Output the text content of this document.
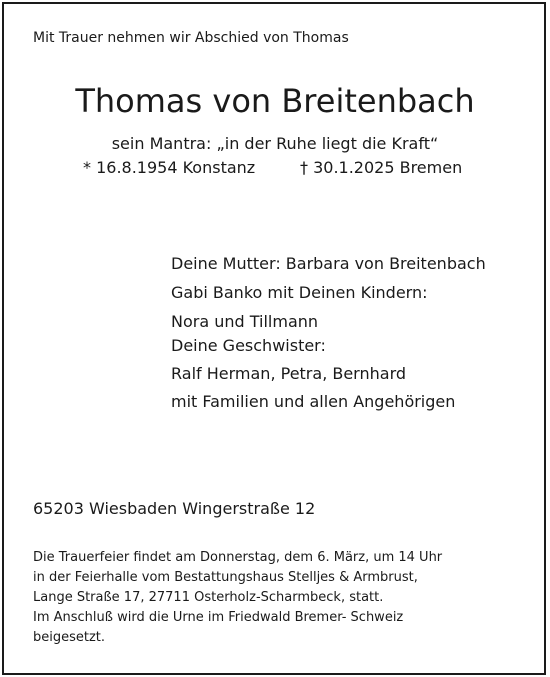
Mit Trauer nehmen wir Abschied von Thomas
Thomas von Breitenbach
sein Mantra: „in der Ruhe liegt die Kraft“
* 16.8.1954 Konstanz	† 30.1.2025 Bremen
Deine Mutter: Barbara von Breitenbach
Gabi Banko mit Deinen Kindern:
Nora und Tillmann
Deine Geschwister:
Ralf Herman, Petra, Bernhard
mit Familien und allen Angehörigen
65203 Wiesbaden Wingerstraße 12
Die Trauerfeier findet am Donnerstag, dem 6. März, um 14 Uhr
in der Feierhalle vom Bestattungshaus Stelljes & Armbrust,
Lange Straße 17, 27711 Osterholz-Scharmbeck, statt.
Im Anschluß wird die Urne im Friedwald Bremer- Schweiz
beigesetzt.
